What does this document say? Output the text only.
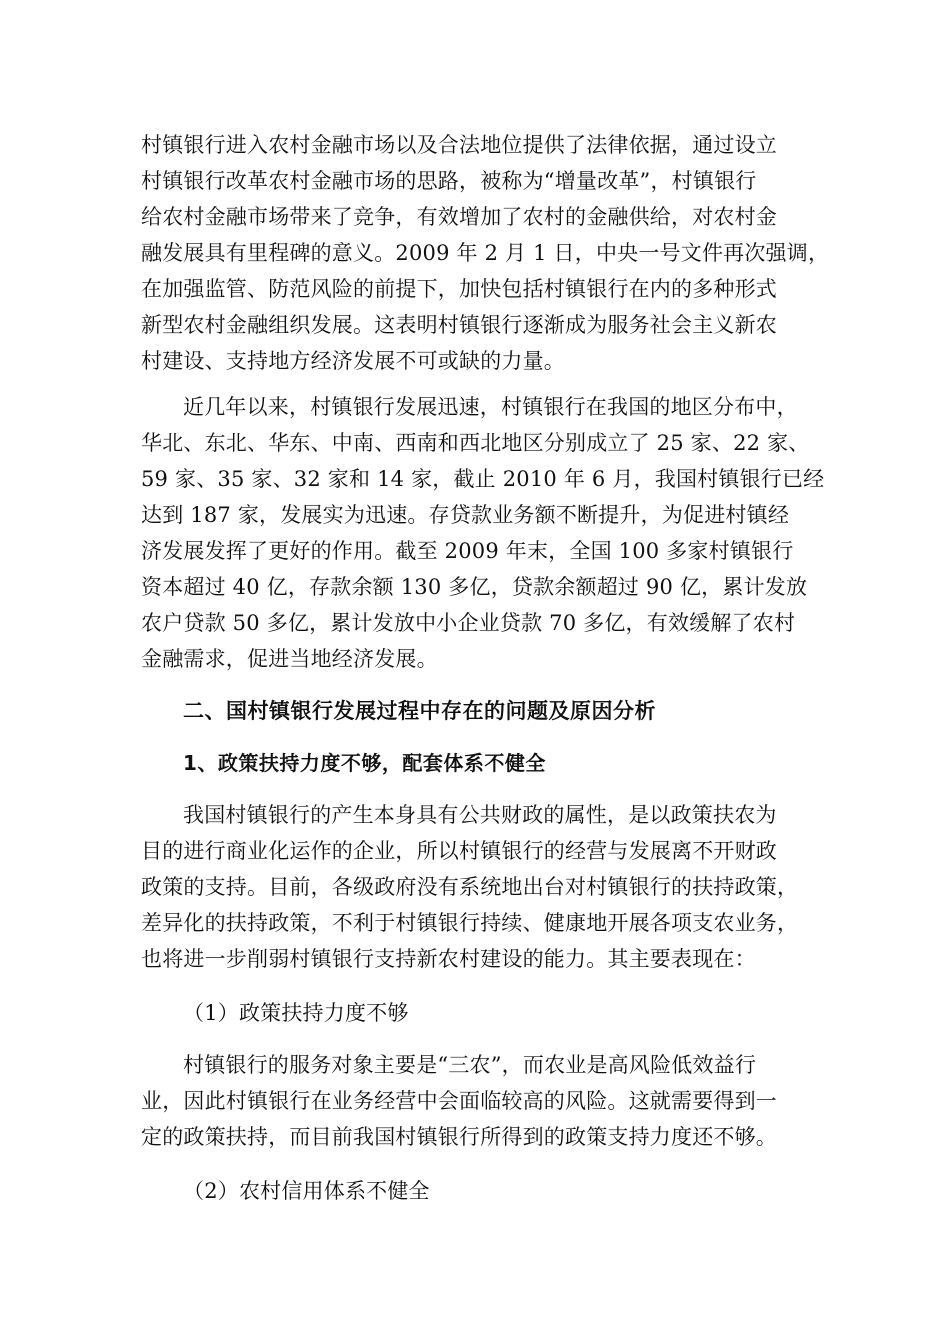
村镇银行进入农村金融市场以及合法地位提供了法律依据，通过设立
村镇银行改革农村金融市场的思路，被称为“增量改革”，村镇银行
给农村金融市场带来了竞争，有效增加了农村的金融供给，对农村金
融发展具有里程碑的意义。2009 年 2 月 1 日，中央一号文件再次强调，
在加强监管、防范风险的前提下，加快包括村镇银行在内的多种形式
新型农村金融组织发展。这表明村镇银行逐渐成为服务社会主义新农
村建设、支持地方经济发展不可或缺的力量。
近几年以来，村镇银行发展迅速，村镇银行在我国的地区分布中，
华北、东北、华东、中南、西南和西北地区分别成立了 25 家、22 家、
59 家、35 家、32 家和 14 家，截止 2010 年 6 月，我国村镇银行已经
达到 187 家，发展实为迅速。存贷款业务额不断提升，为促进村镇经
济发展发挥了更好的作用。截至 2009 年末，全国 100 多家村镇银行
资本超过 40 亿，存款余额 130 多亿，贷款余额超过 90 亿，累计发放
农户贷款 50 多亿，累计发放中小企业贷款 70 多亿，有效缓解了农村
金融需求，促进当地经济发展。
二、国村镇银行发展过程中存在的问题及原因分析
1、政策扶持力度不够，配套体系不健全
我国村镇银行的产生本身具有公共财政的属性，是以政策扶农为
目的进行商业化运作的企业，所以村镇银行的经营与发展离不开财政
政策的支持。目前，各级政府没有系统地出台对村镇银行的扶持政策，
差异化的扶持政策，不利于村镇银行持续、健康地开展各项支农业务，
也将进一步削弱村镇银行支持新农村建设的能力。其主要表现在：
（1）政策扶持力度不够
村镇银行的服务对象主要是“三农”，而农业是高风险低效益行
业，因此村镇银行在业务经营中会面临较高的风险。这就需要得到一
定的政策扶持，而目前我国村镇银行所得到的政策支持力度还不够。
（2）农村信用体系不健全
